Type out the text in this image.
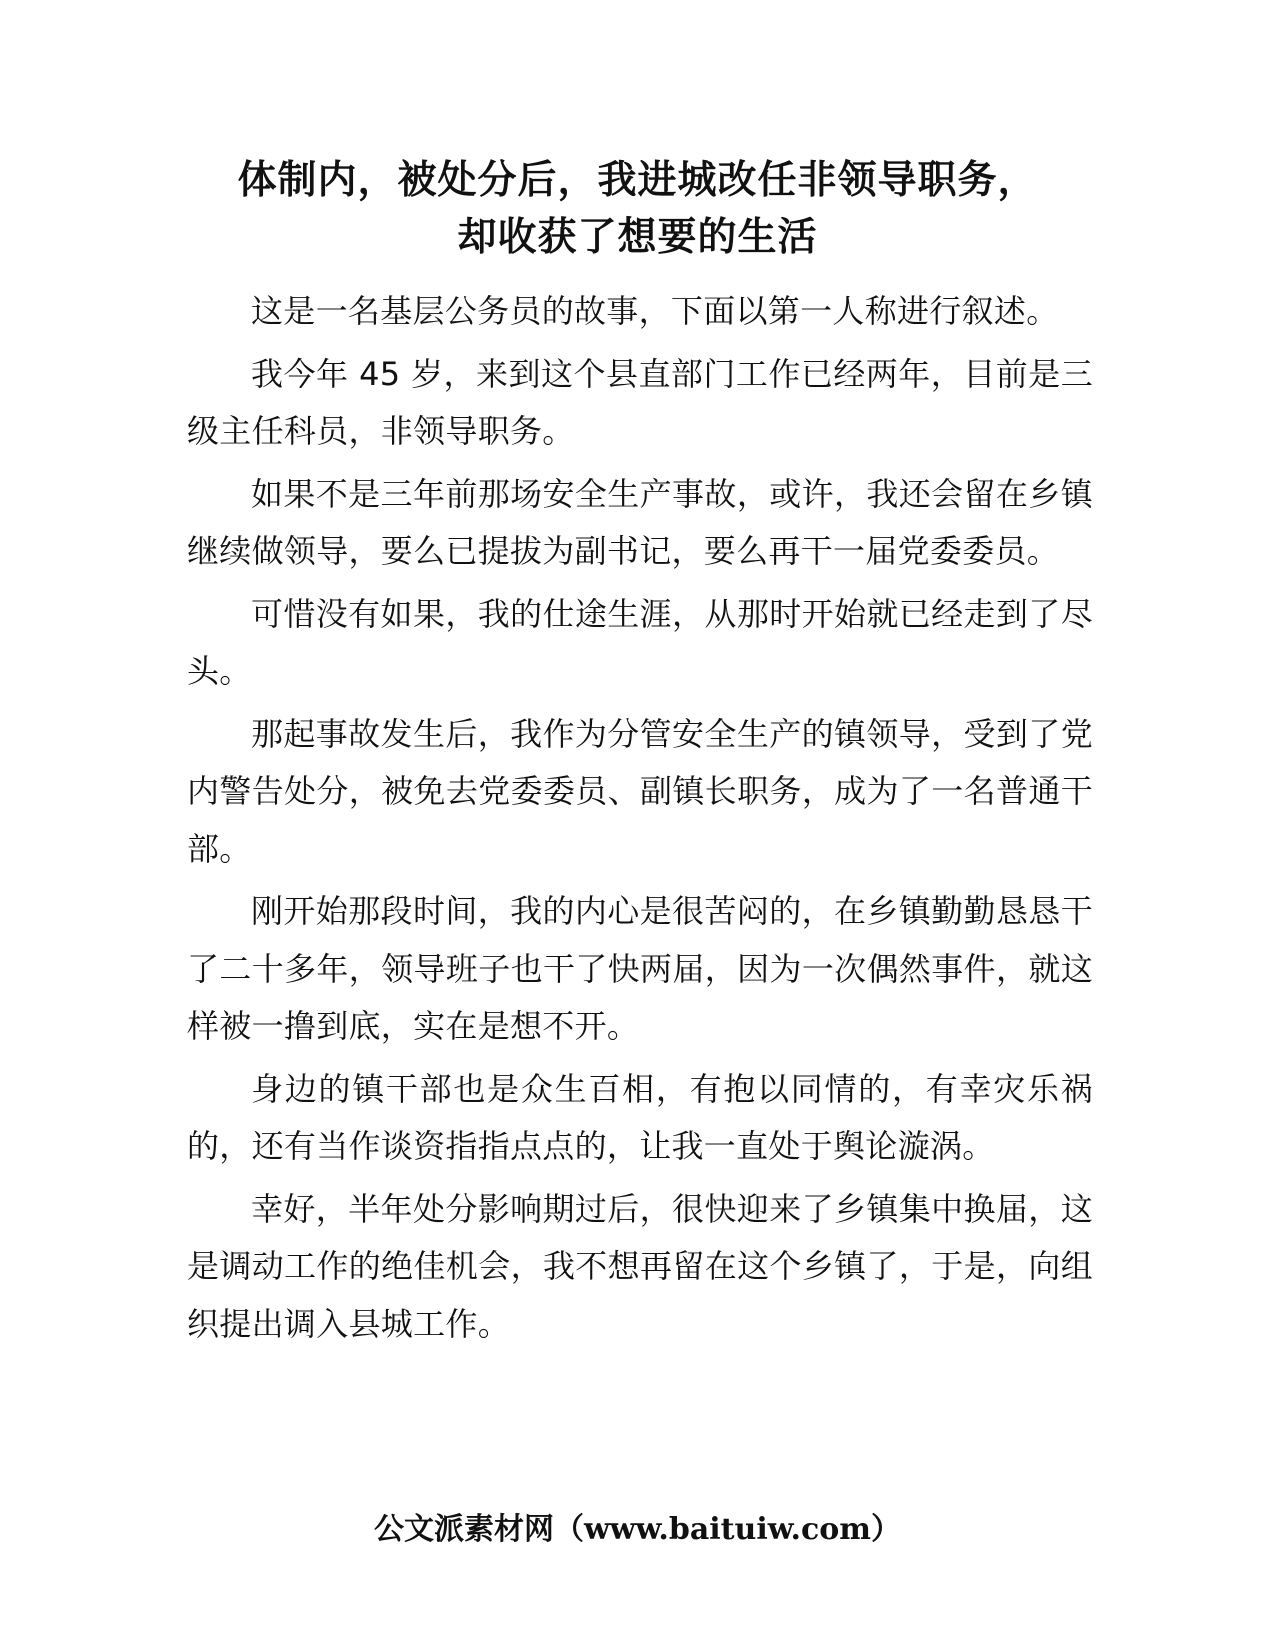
体制内，被处分后，我进城改任非领导职务，
却收获了想要的生活

这是一名基层公务员的故事，下面以第一人称进行叙述。

我今年 45 岁，来到这个县直部门工作已经两年，目前是三级主任科员，非领导职务。

如果不是三年前那场安全生产事故，或许，我还会留在乡镇继续做领导，要么已提拔为副书记，要么再干一届党委委员。

可惜没有如果，我的仕途生涯，从那时开始就已经走到了尽头。

那起事故发生后，我作为分管安全生产的镇领导，受到了党内警告处分，被免去党委委员、副镇长职务，成为了一名普通干部。

刚开始那段时间，我的内心是很苦闷的，在乡镇勤勤恳恳干了二十多年，领导班子也干了快两届，因为一次偶然事件，就这样被一撸到底，实在是想不开。

身边的镇干部也是众生百相，有抱以同情的，有幸灾乐祸的，还有当作谈资指指点点的，让我一直处于舆论漩涡。

幸好，半年处分影响期过后，很快迎来了乡镇集中换届，这是调动工作的绝佳机会，我不想再留在这个乡镇了，于是，向组织提出调入县城工作。

公文派素材网（www.baituiw.com）
